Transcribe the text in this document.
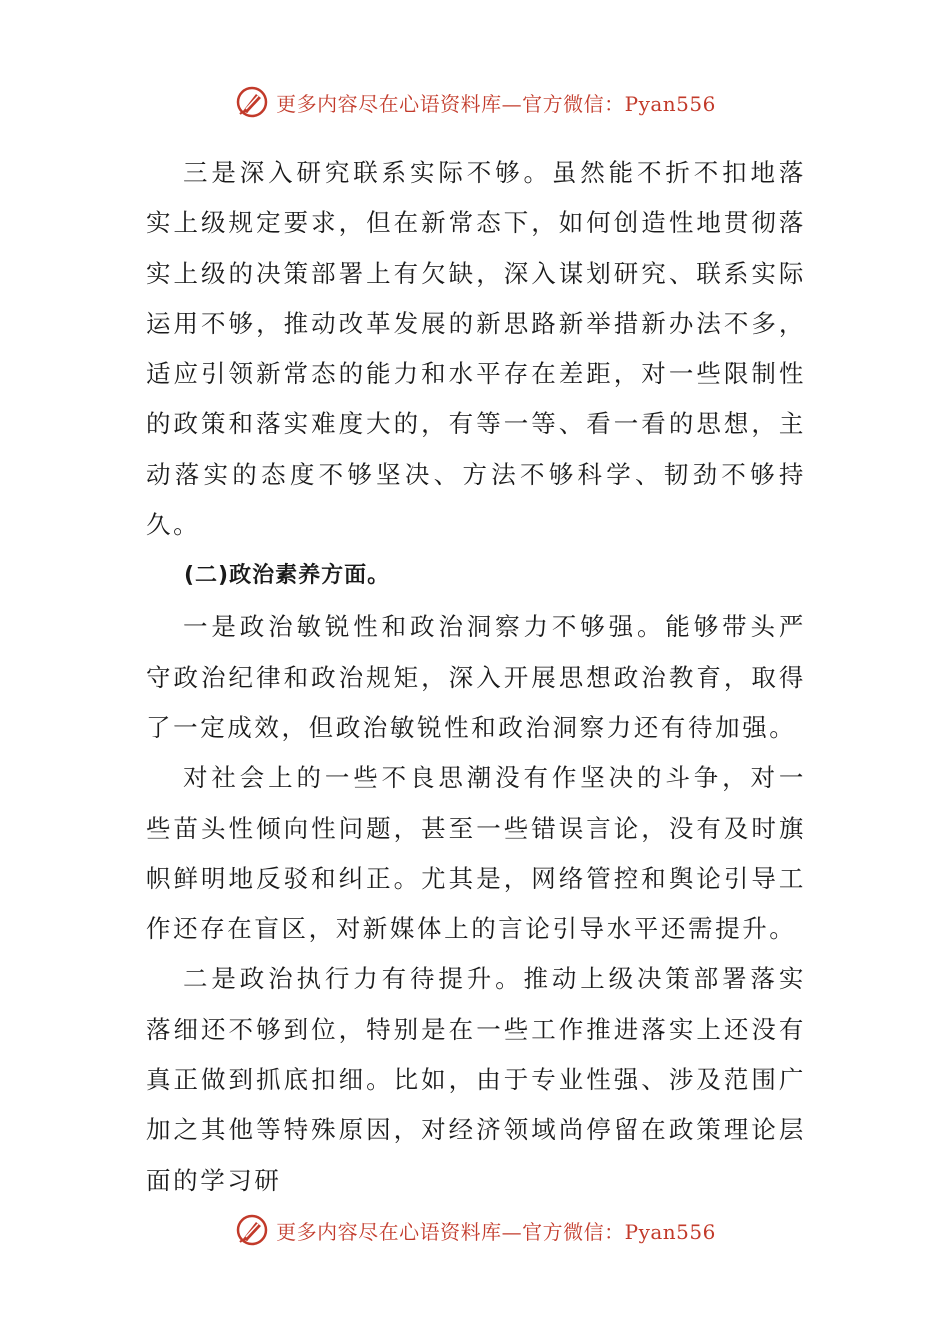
更多内容尽在心语资料库—官方微信：Pyan556

三是深入研究联系实际不够。虽然能不折不扣地落实上级规定要求，但在新常态下，如何创造性地贯彻落实上级的决策部署上有欠缺，深入谋划研究、联系实际运用不够，推动改革发展的新思路新举措新办法不多，适应引领新常态的能力和水平存在差距，对一些限制性的政策和落实难度大的，有等一等、看一看的思想，主动落实的态度不够坚决、方法不够科学、韧劲不够持久。

(二)政治素养方面。

一是政治敏锐性和政治洞察力不够强。能够带头严守政治纪律和政治规矩，深入开展思想政治教育，取得了一定成效，但政治敏锐性和政治洞察力还有待加强。

对社会上的一些不良思潮没有作坚决的斗争，对一些苗头性倾向性问题，甚至一些错误言论，没有及时旗帜鲜明地反驳和纠正。尤其是，网络管控和舆论引导工作还存在盲区，对新媒体上的言论引导水平还需提升。

二是政治执行力有待提升。推动上级决策部署落实落细还不够到位，特别是在一些工作推进落实上还没有真正做到抓底扣细。比如，由于专业性强、涉及范围广加之其他等特殊原因，对经济领域尚停留在政策理论层面的学习研

更多内容尽在心语资料库—官方微信：Pyan556
